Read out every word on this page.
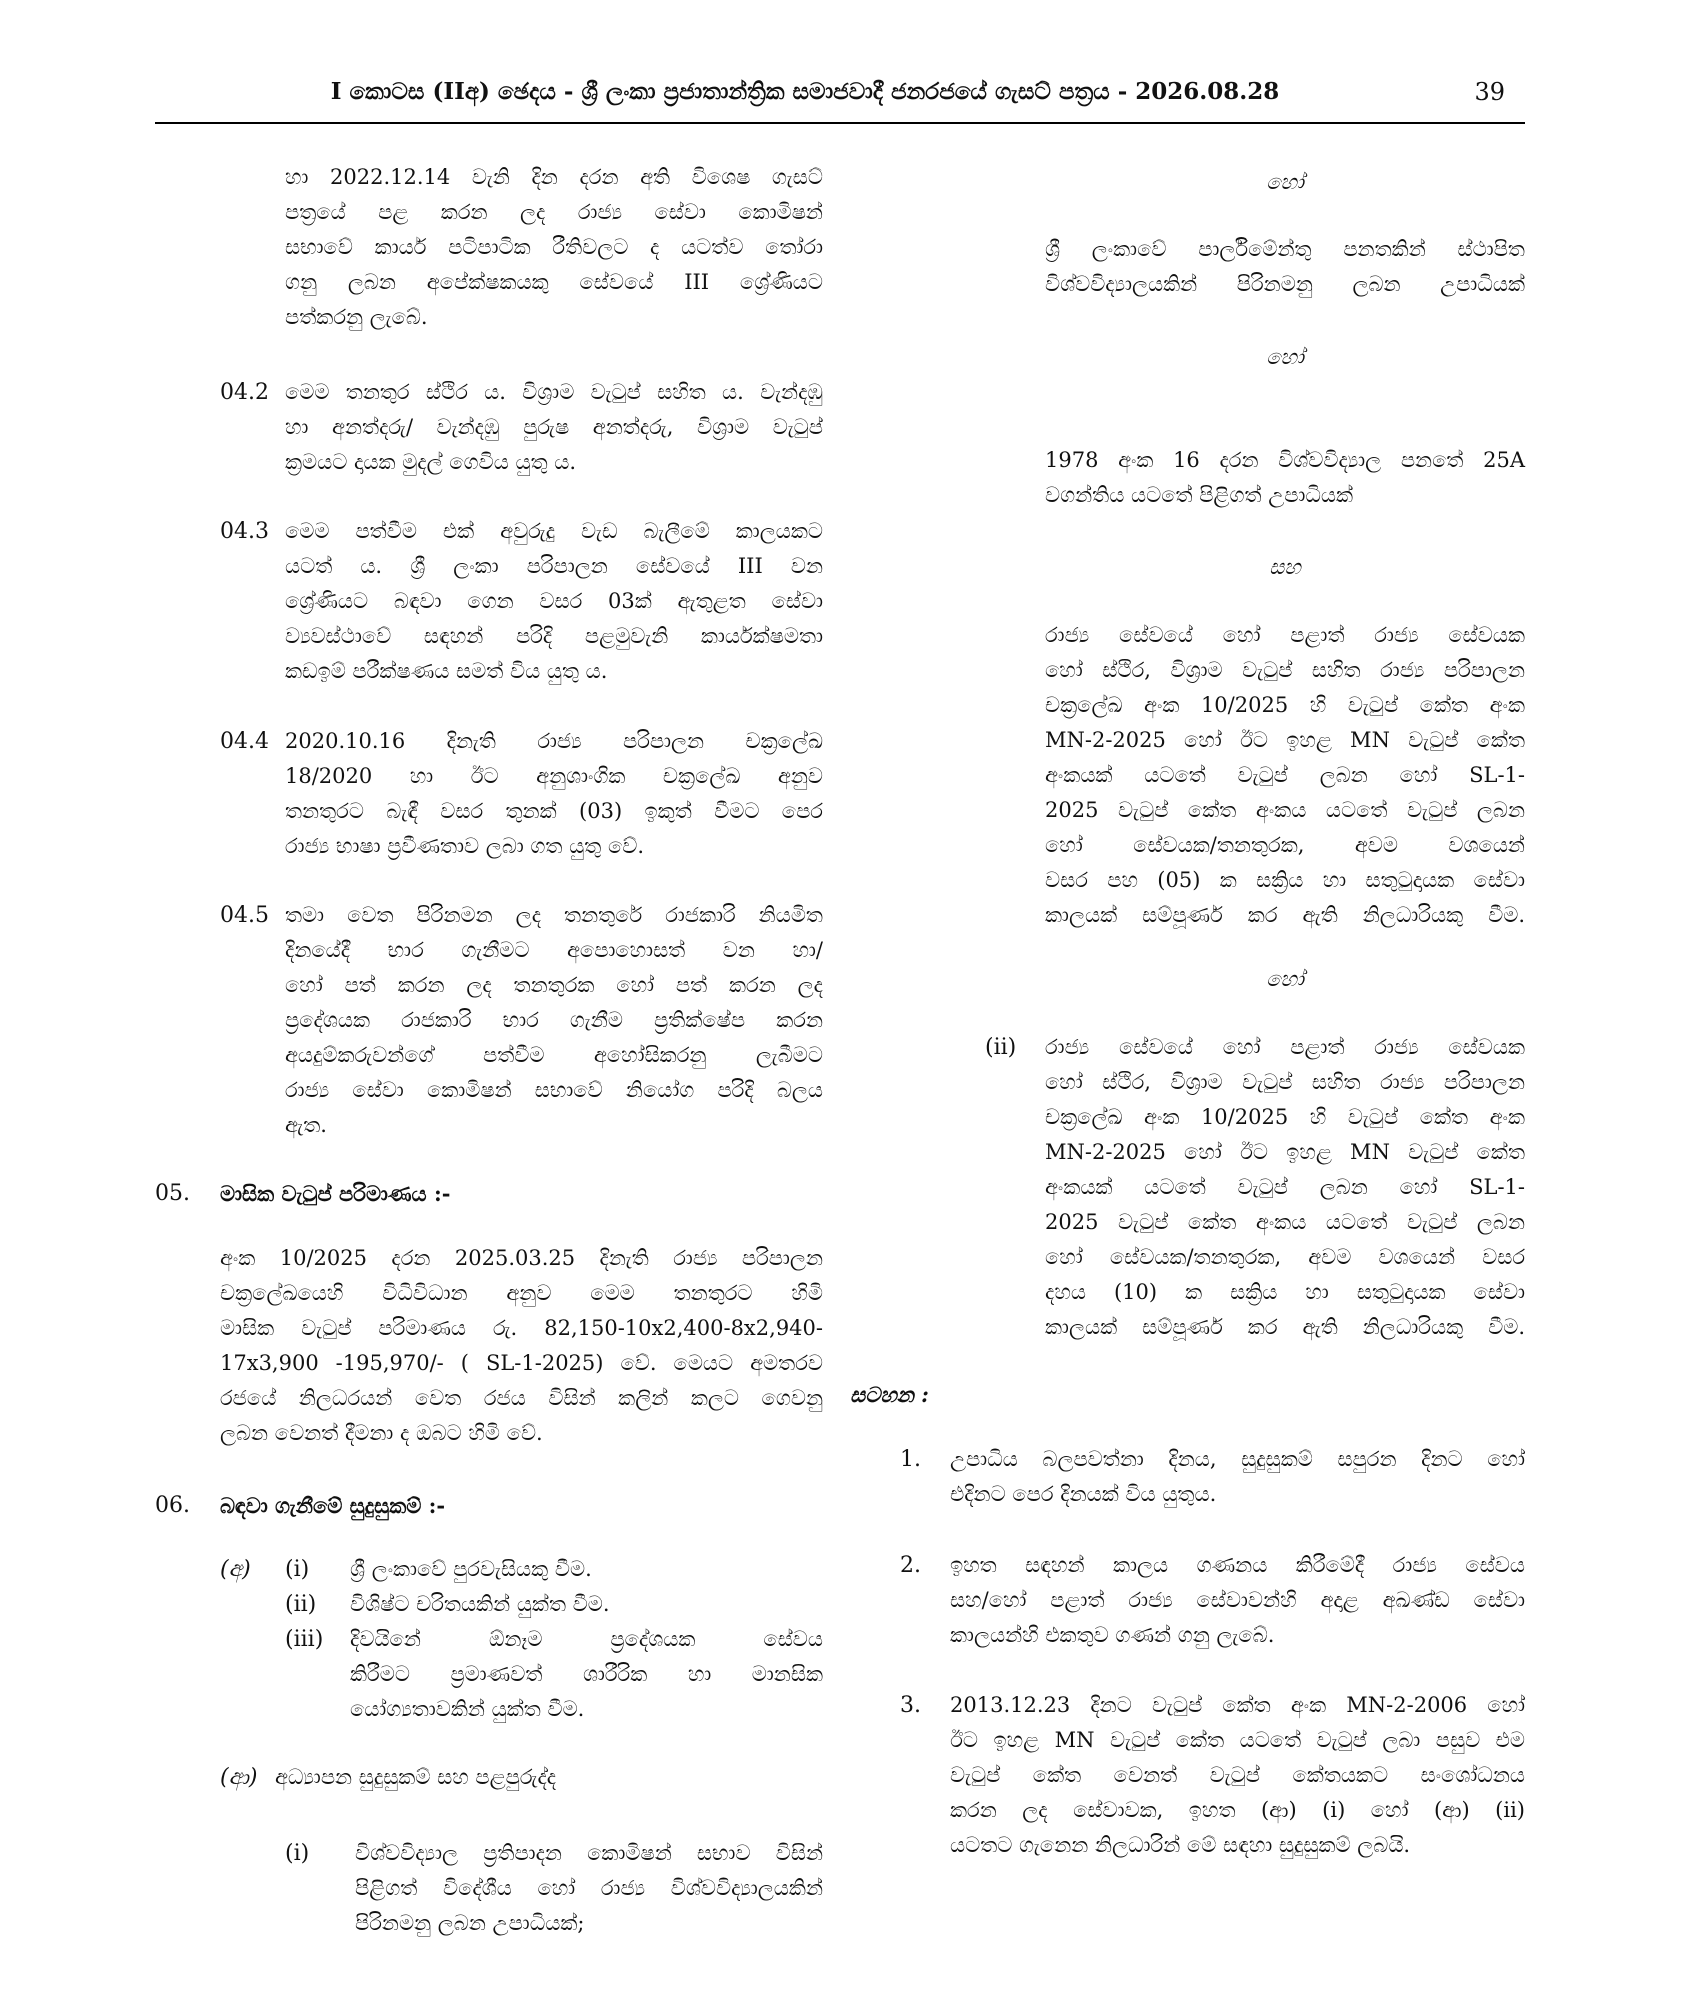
I කොටස (IIඅ) ඡෙදය - ශ්‍රී ලංකා ප්‍රජාතාන්ත්‍රික සමාජවාදී ජනරජයේ ගැසට් පත්‍රය - 2026.08.28	39
හා 2022.12.14 වැනි දින දරන අති විශෙෂ ගැසට්
පත්‍රයේ පළ කරන ලද රාජ්‍ය සේවා කොමිෂන්
සභාවේ කාර්ය පටිපාටික රීතිවලට ද යටත්ව තෝරා
ගනු ලබන අපේක්ෂකයකු සේවයේ III ශ්‍රේණියට
පත්කරනු ලැබේ.
04.2 මෙම තනතුර ස්ථිර ය. විශ්‍රාම වැටුප් සහිත ය. වැන්දඹු
හා අනත්දරු/ වැන්දඹු පුරුෂ අනත්දරු, විශ්‍රාම වැටුප්
ක්‍රමයට දායක මුදල් ගෙවිය යුතු ය.
04.3 මෙම පත්වීම එක් අවුරුදු වැඩ බැලීමේ කාලයකට
යටත් ය. ශ්‍රී ලංකා පරිපාලන සේවයේ III වන
ශ්‍රේණියට බඳවා ගෙන වසර 03ක් ඇතුළත සේවා
ව්‍යවස්ථාවේ සඳහන් පරිදි පළමුවැනි කාර්යක්ෂමතා
කඩඉම් පරීක්ෂණය සමත් විය යුතු ය.
04.4 2020.10.16 දිනැති රාජ්‍ය පරිපාලන චක්‍රලේඛ
18/2020 හා ඊට අනුශාංගික චක්‍රලේඛ අනුව
තනතුරට බැඳී වසර තුනක් (03) ඉකුත් වීමට පෙර
රාජ්‍ය භාෂා ප්‍රවීණතාව ලබා ගත යුතු වේ.
04.5 තමා වෙත පිරිනමන ලද තනතුරේ රාජකාරි නියමිත
දිනයේදී භාර ගැනීමට අපොහොසත් වන හා/
හෝ පත් කරන ලද තනතුරක හෝ පත් කරන ලද
ප්‍රදේශයක රාජකාරි භාර ගැනීම ප්‍රතික්ෂේප කරන
අයදුම්කරුවන්ගේ පත්වීම අහෝසිකරනු ලැබීමට
රාජ්‍ය සේවා කොමිෂන් සභාවේ නියෝග පරිදි බලය
ඇත.
05. මාසික වැටුප් පරිමාණය :-
අංක 10/2025 දරන 2025.03.25 දිනැති රාජ්‍ය පරිපාලන
චක්‍රලේඛයෙහි විධිවිධාන අනුව මෙම තනතුරට හිමි
මාසික වැටුප් පරිමාණය රු. 82,150-10x2,400-8x2,940-
17x3,900 -195,970/- ( SL-1-2025) වේ. මෙයට අමතරව
රජයේ නිලධරයන් වෙත රජය විසින් කලින් කලට ගෙවනු
ලබන වෙනත් දීමනා ද ඔබට හිමි වේ.
06. බඳවා ගැනීමේ සුදුසුකම් :-
(අ) (i) ශ්‍රී ලංකාවේ පුරවැසියකු වීම.
(ii) විශිෂ්ට චරිතයකින් යුක්ත වීම.
(iii) දිවයිනේ ඕනෑම ප්‍රදේශයක සේවය
කිරීමට ප්‍රමාණවත් ශාරීරික හා මානසික
යෝග්‍යතාවකින් යුක්ත වීම.
(ආ) අධ්‍යාපන සුදුසුකම් සහ පළපුරුද්ද
(i) විශ්වවිද්‍යාල ප්‍රතිපාදන කොමිෂන් සභාව විසින්
පිළිගත් විදේශීය හෝ රාජ්‍ය විශ්වවිද්‍යාලයකින්
පිරිනමනු ලබන උපාධියක්;
හෝ
ශ්‍රී ලංකාවේ පාර්ලිමේන්තු පනතකින් ස්ථාපිත
විශ්වවිද්‍යාලයකින් පිරිනමනු ලබන උපාධියක්
හෝ
1978 අංක 16 දරන විශ්වවිද්‍යාල පනතේ 25A
වගන්තිය යටතේ පිළිගත් උපාධියක්
සහ
රාජ්‍ය සේවයේ හෝ පළාත් රාජ්‍ය සේවයක
හෝ ස්ථිර, විශ්‍රාම වැටුප් සහිත රාජ්‍ය පරිපාලන
චක්‍රලේඛ අංක 10/2025 හි වැටුප් කේත අංක
MN-2-2025 හෝ ඊට ඉහළ MN වැටුප් කේත
අංකයක් යටතේ වැටුප් ලබන හෝ SL-1-
2025 වැටුප් කේත අංකය යටතේ වැටුප් ලබන
හෝ සේවයක/තනතුරක, අවම වශයෙන්
වසර පහ (05) ක සක්‍රිය හා සතුටුදායක සේවා
කාලයක් සම්පූර්ණ කර ඇති නිලධාරියකු වීම.
හෝ
(ii) රාජ්‍ය සේවයේ හෝ පළාත් රාජ්‍ය සේවයක
හෝ ස්ථිර, විශ්‍රාම වැටුප් සහිත රාජ්‍ය පරිපාලන
චක්‍රලේඛ අංක 10/2025 හි වැටුප් කේත අංක
MN-2-2025 හෝ ඊට ඉහළ MN වැටුප් කේත
අංකයක් යටතේ වැටුප් ලබන හෝ SL-1-
2025 වැටුප් කේත අංකය යටතේ වැටුප් ලබන
හෝ සේවයක/තනතුරක, අවම වශයෙන් වසර
දහය (10) ක සක්‍රිය හා සතුටුදායක සේවා
කාලයක් සම්පූර්ණ කර ඇති නිලධාරියකු වීම.
සටහන :
1. උපාධිය බලපවත්නා දිනය, සුදුසුකම් සපුරන දිනට හෝ
එදිනට පෙර දිනයක් විය යුතුය.
2. ඉහත සඳහන් කාලය ගණනය කිරීමේදී රාජ්‍ය සේවය
සහ/හෝ පළාත් රාජ්‍ය සේවාවන්හි අදාළ අඛණ්ඩ සේවා
කාලයන්හි එකතුව ගණන් ගනු ලැබේ.
3. 2013.12.23 දිනට වැටුප් කේත අංක MN-2-2006 හෝ
ඊට ඉහළ MN වැටුප් කේත යටතේ වැටුප් ලබා පසුව එම
වැටුප් කේත වෙනත් වැටුප් කේතයකට සංශෝධනය
කරන ලද සේවාවක, ඉහත (ආ) (i) හෝ (ආ) (ii)
යටතට ගැනෙන නිලධාරින් මේ සඳහා සුදුසුකම් ලබයි.
